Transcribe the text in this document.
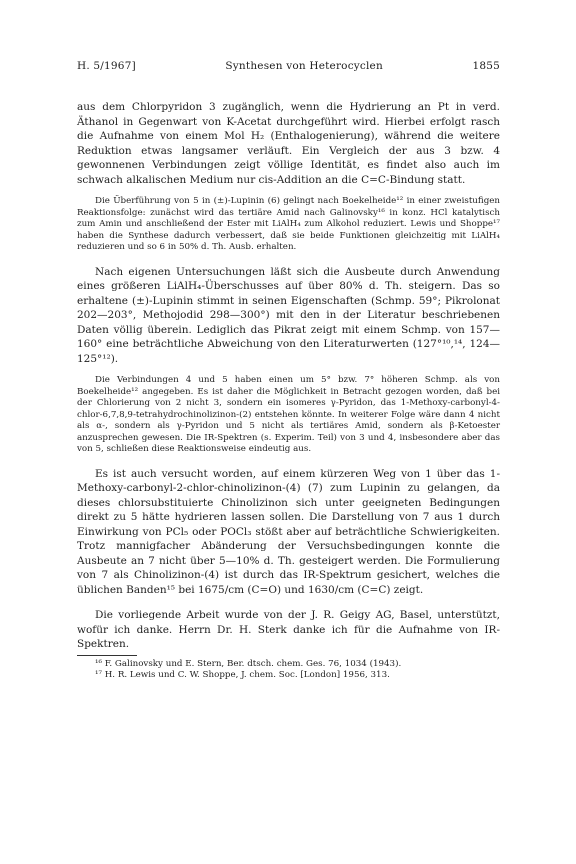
H. 5/1967]	Synthesen von Heterocyclen	1855

aus dem Chlorpyridon 3 zugänglich, wenn die Hydrierung an Pt in verd. Äthanol in Gegenwart von K-Acetat durchgeführt wird. Hierbei erfolgt rasch die Aufnahme von einem Mol H₂ (Enthalogenierung), während die weitere Reduktion etwas langsamer verläuft. Ein Vergleich der aus 3 bzw. 4 gewonnenen Verbindungen zeigt völlige Identität, es findet also auch im schwach alkalischen Medium nur cis-Addition an die C=C-Bindung statt.

Die Überführung von 5 in (±)-Lupinin (6) gelingt nach Boekelheide¹² in einer zweistufigen Reaktionsfolge: zunächst wird das tertiäre Amid nach Galinovsky¹⁶ in konz. HCl katalytisch zum Amin und anschließend der Ester mit LiAlH₄ zum Alkohol reduziert. Lewis und Shoppe¹⁷ haben die Synthese dadurch verbessert, daß sie beide Funktionen gleichzeitig mit LiAlH₄ reduzieren und so 6 in 50% d. Th. Ausb. erhalten.

Nach eigenen Untersuchungen läßt sich die Ausbeute durch Anwendung eines größeren LiAlH₄-Überschusses auf über 80% d. Th. steigern. Das so erhaltene (±)-Lupinin stimmt in seinen Eigenschaften (Schmp. 59°; Pikrolonat 202—203°, Methojodid 298—300°) mit den in der Literatur beschriebenen Daten völlig überein. Lediglich das Pikrat zeigt mit einem Schmp. von 157—160° eine beträchtliche Abweichung von den Literaturwerten (127°¹⁰,¹⁴, 124—125°¹²).

Die Verbindungen 4 und 5 haben einen um 5° bzw. 7° höheren Schmp. als von Boekelheide¹² angegeben. Es ist daher die Möglichkeit in Betracht gezogen worden, daß bei der Chlorierung von 2 nicht 3, sondern ein isomeres γ-Pyridon, das 1-Methoxy-carbonyl-4-chlor-6,7,8,9-tetrahydrochinolizinon-(2) entstehen könnte. In weiterer Folge wäre dann 4 nicht als α-, sondern als γ-Pyridon und 5 nicht als tertiäres Amid, sondern als β-Ketoester anzusprechen gewesen. Die IR-Spektren (s. Experim. Teil) von 3 und 4, insbesondere aber das von 5, schließen diese Reaktionsweise eindeutig aus.

Es ist auch versucht worden, auf einem kürzeren Weg von 1 über das 1-Methoxy-carbonyl-2-chlor-chinolizinon-(4) (7) zum Lupinin zu gelangen, da dieses chlorsubstituierte Chinolizinon sich unter geeigneten Bedingungen direkt zu 5 hätte hydrieren lassen sollen. Die Darstellung von 7 aus 1 durch Einwirkung von PCl₅ oder POCl₃ stößt aber auf beträchtliche Schwierigkeiten. Trotz mannigfacher Abänderung der Versuchsbedingungen konnte die Ausbeute an 7 nicht über 5—10% d. Th. gesteigert werden. Die Formulierung von 7 als Chinolizinon-(4) ist durch das IR-Spektrum gesichert, welches die üblichen Banden¹⁵ bei 1675/cm (C=O) und 1630/cm (C=C) zeigt.

Die vorliegende Arbeit wurde von der J. R. Geigy AG, Basel, unterstützt, wofür ich danke. Herrn Dr. H. Sterk danke ich für die Aufnahme von IR-Spektren.

¹⁶ F. Galinovsky und E. Stern, Ber. dtsch. chem. Ges. 76, 1034 (1943).

¹⁷ H. R. Lewis und C. W. Shoppe, J. chem. Soc. [London] 1956, 313.
